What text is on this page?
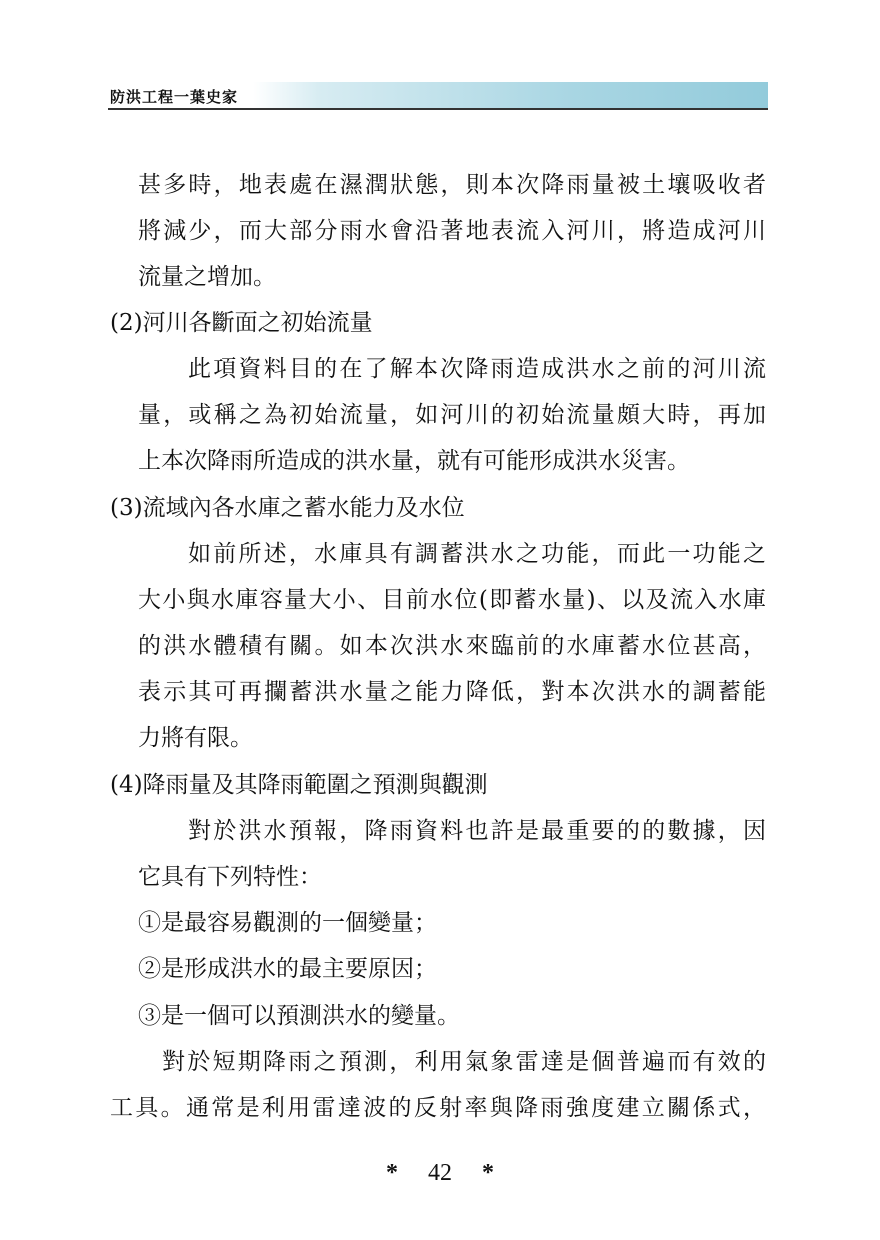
防洪工程一葉史家
甚多時，地表處在濕潤狀態，則本次降雨量被土壤吸收者
將減少，而大部分雨水會沿著地表流入河川，將造成河川
流量之增加。
(2)河川各斷面之初始流量
此項資料目的在了解本次降雨造成洪水之前的河川流
量，或稱之為初始流量，如河川的初始流量頗大時，再加
上本次降雨所造成的洪水量，就有可能形成洪水災害。
(3)流域內各水庫之蓄水能力及水位
如前所述，水庫具有調蓄洪水之功能，而此一功能之
大小與水庫容量大小、目前水位(即蓄水量)、以及流入水庫
的洪水體積有關。如本次洪水來臨前的水庫蓄水位甚高，
表示其可再攔蓄洪水量之能力降低，對本次洪水的調蓄能
力將有限。
(4)降雨量及其降雨範圍之預測與觀測
對於洪水預報，降雨資料也許是最重要的的數據，因
它具有下列特性：
①是最容易觀測的一個變量；
②是形成洪水的最主要原因；
③是一個可以預測洪水的變量。
對於短期降雨之預測，利用氣象雷達是個普遍而有效的
工具。通常是利用雷達波的反射率與降雨強度建立關係式，
* 42 *
